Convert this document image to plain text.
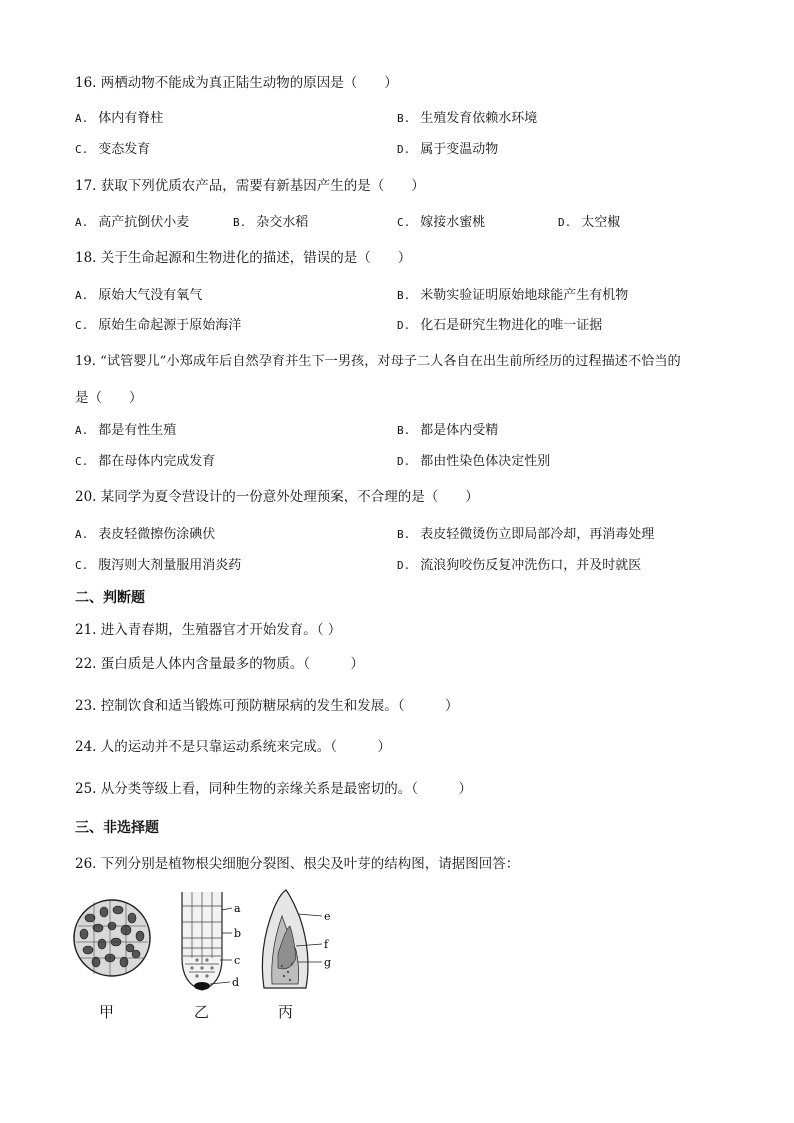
16. 两栖动物不能成为真正陆生动物的原因是（　　）
A. 体内有脊柱	B. 生殖发育依赖水环境
C. 变态发育	D. 属于变温动物
17. 获取下列优质农产品，需要有新基因产生的是（　　）
A. 高产抗倒伏小麦	B. 杂交水稻	C. 嫁接水蜜桃	D. 太空椒
18. 关于生命起源和生物进化的描述，错误的是（　　）
A. 原始大气没有氧气	B. 米勒实验证明原始地球能产生有机物
C. 原始生命起源于原始海洋	D. 化石是研究生物进化的唯一证据
19. “试管婴儿”小郑成年后自然孕育并生下一男孩，对母子二人各自在出生前所经历的过程描述不恰当的
是（　　）
A. 都是有性生殖	B. 都是体内受精
C. 都在母体内完成发育	D. 都由性染色体决定性别
20. 某同学为夏令营设计的一份意外处理预案，不合理的是（　　）
A. 表皮轻微擦伤涂碘伏	B. 表皮轻微烫伤立即局部冷却，再消毒处理
C. 腹泻则大剂量服用消炎药	D. 流浪狗咬伤反复冲洗伤口，并及时就医
二、判断题
21. 进入青春期，生殖器官才开始发育。（ ）
22. 蛋白质是人体内含量最多的物质。（　　　）
23. 控制饮食和适当锻炼可预防糖尿病的发生和发展。（　　　）
24. 人的运动并不是只靠运动系统来完成。（　　　）
25. 从分类等级上看，同种生物的亲缘关系是最密切的。（　　　）
三、非选择题
26. 下列分别是植物根尖细胞分裂图、根尖及叶芽的结构图，请据图回答：
a
b
c
d
e
f
g
甲	乙	丙
